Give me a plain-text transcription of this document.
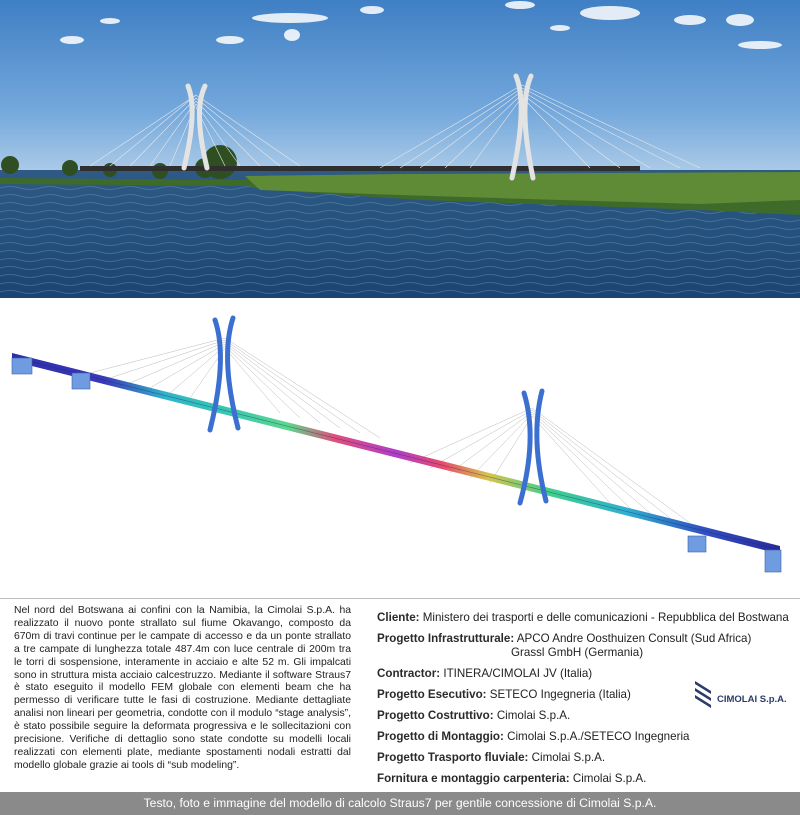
Nel nord del Botswana ai confini con la Namibia, la Cimolai S.p.A. ha realizzato il nuovo ponte strallato sul fiume Okavango, composto da 670m di travi continue per le campate di accesso e da un ponte strallato a tre campate di lunghezza totale 487.4m con luce centrale di 200m tra le torri di sospensione, interamente in acciaio e alte 52 m. Gli impalcati sono in struttura mista acciaio calcestruzzo. Mediante il software Straus7 è stato eseguito il modello FEM globale con elementi beam che ha permesso di verificare tutte le fasi di costruzione. Mediante dettagliate analisi non lineari per geometria, condotte con il modulo “stage analysis”, è stato possibile seguire la deformata progressiva e le sollecitazioni con precisione. Verifiche di dettaglio sono state condotte su modelli locali realizzati con elementi plate, mediante spostamenti nodali estratti dal modello globale grazie ai tools di “sub modeling”.
Cliente: Ministero dei trasporti e delle comunicazioni - Repubblica del Bostwana
Progetto Infrastrutturale: APCO Andre Oosthuizen Consult (Sud Africa)
Grassl GmbH (Germania)
Contractor: ITINERA/CIMOLAI JV (Italia)
Progetto Esecutivo: SETECO Ingegneria (Italia)
Progetto Costruttivo: Cimolai S.p.A.
Progetto di Montaggio: Cimolai S.p.A./SETECO Ingegneria
Progetto Trasporto fluviale: Cimolai S.p.A.
Fornitura e montaggio carpenteria: Cimolai S.p.A.
CIMOLAI S.p.A.
Testo, foto e immagine del modello di calcolo Straus7 per gentile concessione di Cimolai S.p.A.
